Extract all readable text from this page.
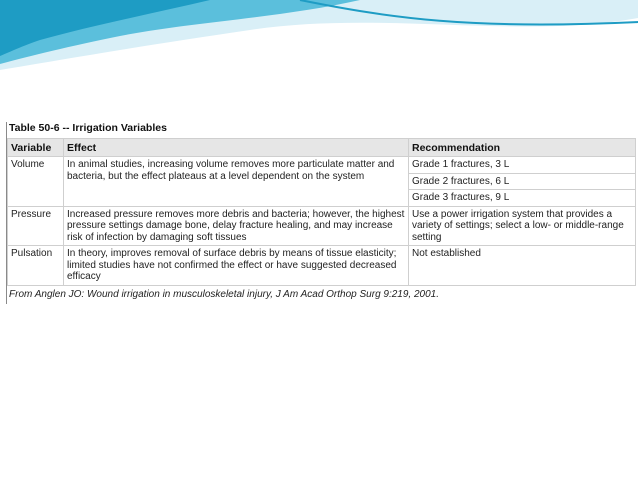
Table 50-6 -- Irrigation Variables
Variable	Effect	Recommendation
Volume	In animal studies, increasing volume removes more particulate matter and bacteria, but the effect plateaus at a level dependent on the system	Grade 1 fractures, 3 L
		Grade 2 fractures, 6 L
		Grade 3 fractures, 9 L
Pressure	Increased pressure removes more debris and bacteria; however, the highest pressure settings damage bone, delay fracture healing, and may increase risk of infection by damaging soft tissues	Use a power irrigation system that provides a variety of settings; select a low- or middle-range setting
Pulsation	In theory, improves removal of surface debris by means of tissue elasticity; limited studies have not confirmed the effect or have suggested decreased efficacy	Not established
From Anglen JO: Wound irrigation in musculoskeletal injury, J Am Acad Orthop Surg 9:219, 2001.
